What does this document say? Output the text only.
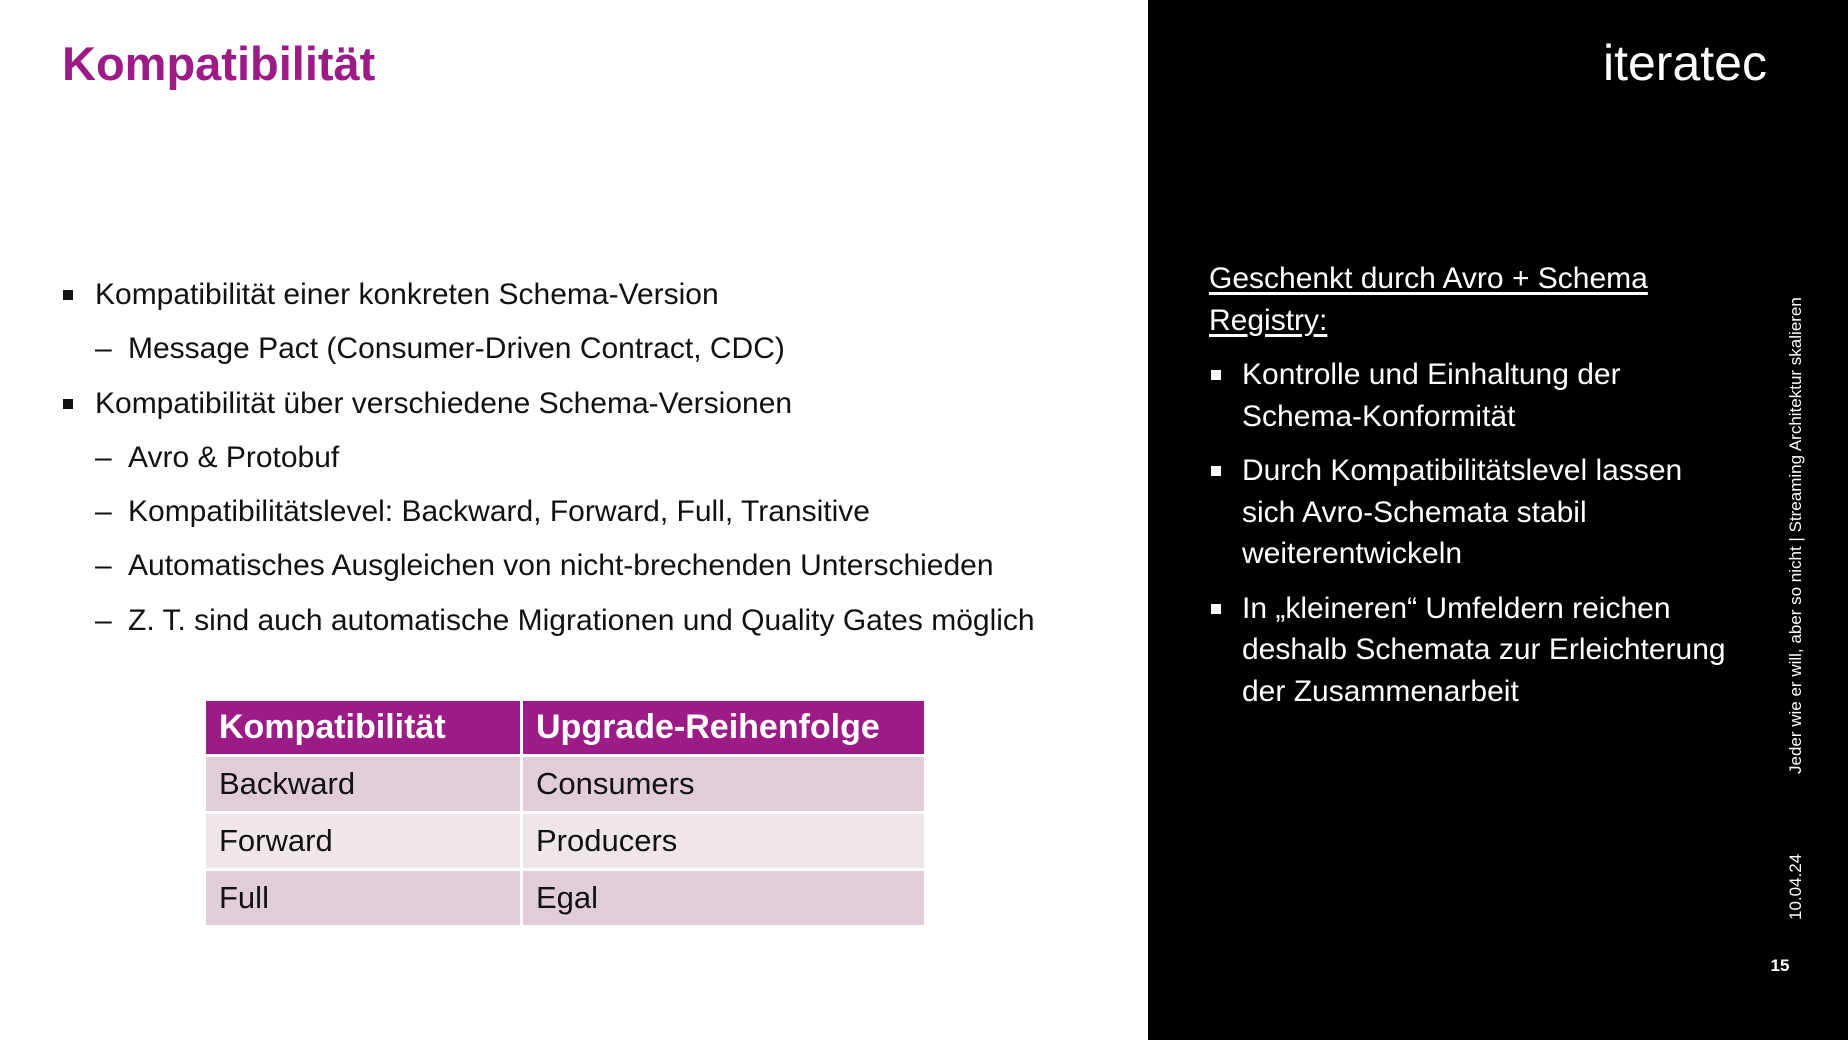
Kompatibilität
Kompatibilität einer konkreten Schema-Version
– Message Pact (Consumer-Driven Contract, CDC)
Kompatibilität über verschiedene Schema-Versionen
– Avro & Protobuf
– Kompatibilitätslevel: Backward, Forward, Full, Transitive
– Automatisches Ausgleichen von nicht-brechenden Unterschieden
– Z. T. sind auch automatische Migrationen und Quality Gates möglich
Kompatibilität	Upgrade-Reihenfolge
Backward	Consumers
Forward	Producers
Full	Egal
iteratec

Geschenkt durch Avro + Schema Registry:

Kontrolle und Einhaltung der Schema-Konformität
Durch Kompatibilitätslevel lassen sich Avro-Schemata stabil weiterentwickeln
In „kleineren“ Umfeldern reichen deshalb Schemata zur Erleichterung der Zusammenarbeit	Jeder wie er will, aber so nicht | Streaming Architektur skalieren
10.04.24
15
